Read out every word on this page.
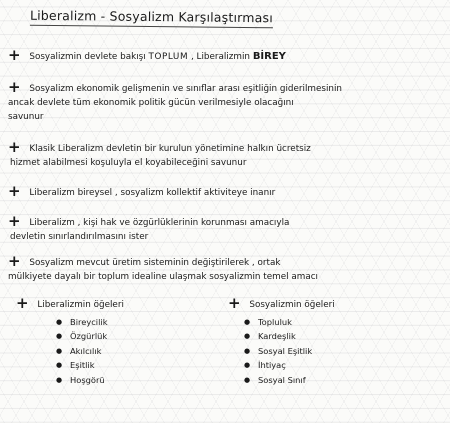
Liberalizm - Sosyalizm Karşılaştırması
+ Sosyalizmin devlete bakışı TOPLUM , Liberalizmin BİREY
+ Sosyalizm ekonomik gelişmenin ve sınıflar arası eşitliğin giderilmesinin
ancak devlete tüm ekonomik politik gücün verilmesiyle olacağını
savunur
+ Klasik Liberalizm devletin bir kurulun yönetimine halkın ücretsiz
hizmet alabilmesi koşuluyla el koyabileceğini savunur
+ Liberalizm bireysel , sosyalizm kollektif aktiviteye inanır
+ Liberalizm , kişi hak ve özgürlüklerinin korunması amacıyla
devletin sınırlandırılmasını ister
+ Sosyalizm mevcut üretim sisteminin değiştirilerek , ortak
mülkiyete dayalı bir toplum idealine ulaşmak sosyalizmin temel amacı
+ Liberalizmin öğeleri
● Bireycilik
● Özgürlük
● Akılcılık
● Eşitlik
● Hoşgörü
+ Sosyalizmin öğeleri
● Topluluk
● Kardeşlik
● Sosyal Eşitlik
● İhtiyaç
● Sosyal Sınıf
